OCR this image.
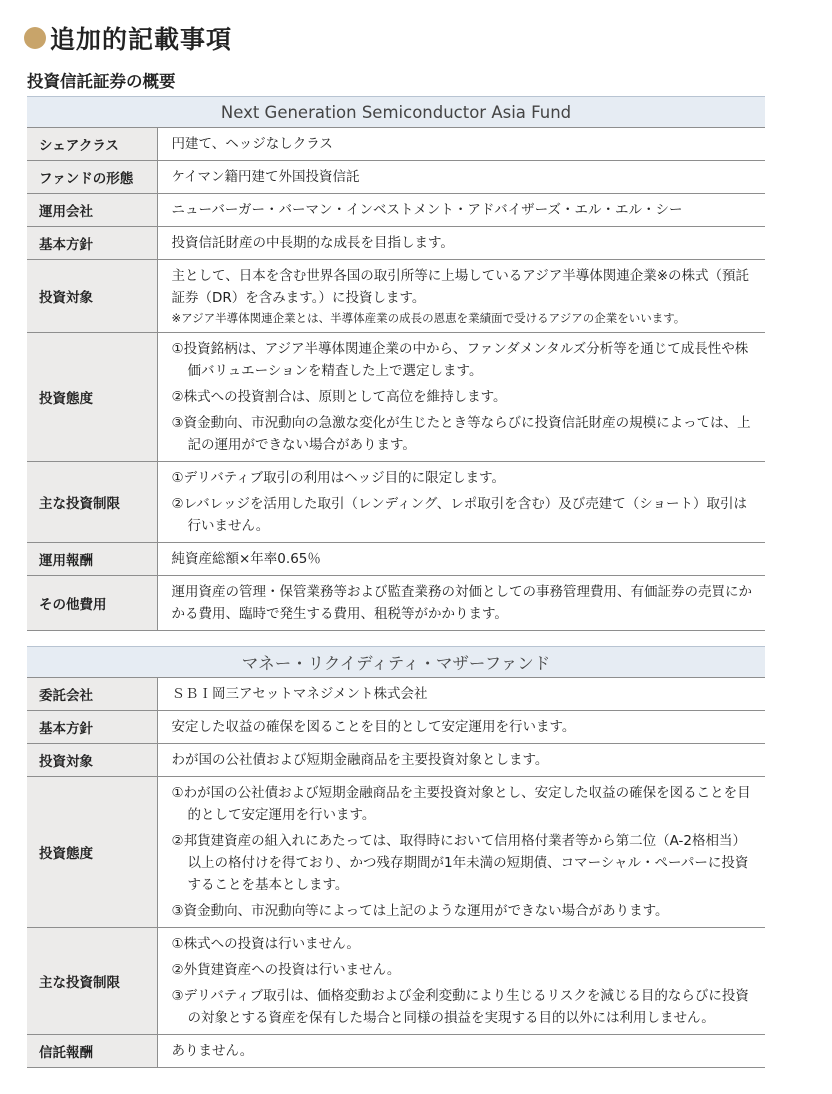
追加的記載事項
投資信託証券の概要
Next Generation Semiconductor Asia Fund	
シェアクラス	円建て、ヘッジなしクラス
ファンドの形態	ケイマン籍円建て外国投資信託
運用会社	ニューバーガー・バーマン・インベストメント・アドバイザーズ・エル・エル・シー
基本方針	投資信託財産の中長期的な成長を目指します。
投資対象	主として、日本を含む世界各国の取引所等に上場しているアジア半導体関連企業※の株式（預託証券（DR）を含みます。）に投資します。
※アジア半導体関連企業とは、半導体産業の成長の恩恵を業績面で受けるアジアの企業をいいます。

投資態度	①投資銘柄は、アジア半導体関連企業の中から、ファンダメンタルズ分析等を通じて成長性や株価バリュエーションを精査した上で選定します。
②株式への投資割合は、原則として高位を維持します。
③資金動向、市況動向の急激な変化が生じたとき等ならびに投資信託財産の規模によっては、上記の運用ができない場合があります。

主な投資制限	①デリバティブ取引の利用はヘッジ目的に限定します。
②レバレッジを活用した取引（レンディング、レポ取引を含む）及び売建て（ショート）取引は行いません。

運用報酬	純資産総額×年率0.65％
その他費用	運用資産の管理・保管業務等および監査業務の対価としての事務管理費用、有価証券の売買にかかる費用、臨時で発生する費用、租税等がかかります。
マネー・リクイディティ・マザーファンド	
委託会社	ＳＢＩ岡三アセットマネジメント株式会社
基本方針	安定した収益の確保を図ることを目的として安定運用を行います。
投資対象	わが国の公社債および短期金融商品を主要投資対象とします。
投資態度	①わが国の公社債および短期金融商品を主要投資対象とし、安定した収益の確保を図ることを目的として安定運用を行います。
②邦貨建資産の組入れにあたっては、取得時において信用格付業者等から第二位（A-2格相当）以上の格付けを得ており、かつ残存期間が1年未満の短期債、コマーシャル・ペーパーに投資することを基本とします。
③資金動向、市況動向等によっては上記のような運用ができない場合があります。

主な投資制限	①株式への投資は行いません。
②外貨建資産への投資は行いません。
③デリバティブ取引は、価格変動および金利変動により生じるリスクを減じる目的ならびに投資の対象とする資産を保有した場合と同様の損益を実現する目的以外には利用しません。

信託報酬	ありません。
